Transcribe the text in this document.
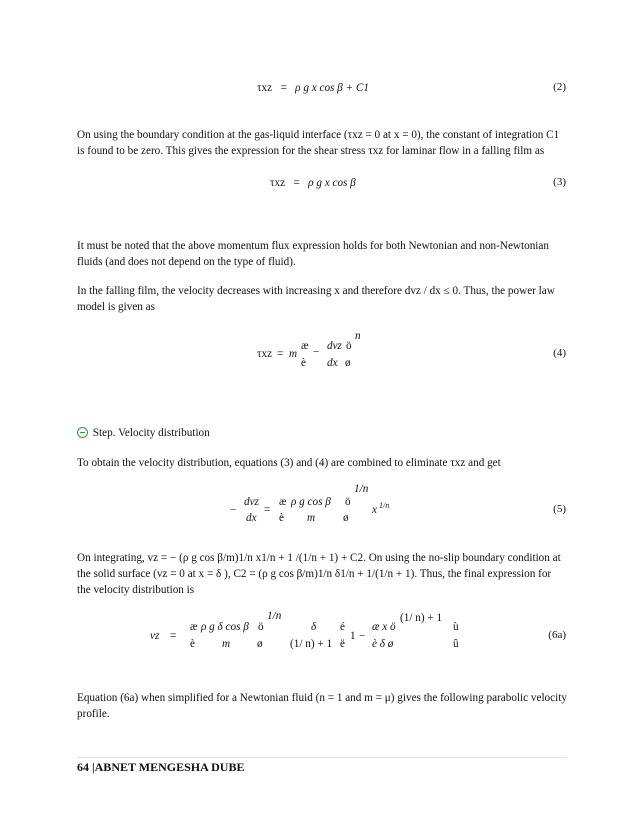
τxz = ρ g x cos β + C1	(2)
On using the boundary condition at the gas-liquid interface (τxz = 0 at x = 0), the constant of integration C1 is found to be zero. This gives the expression for the shear stress τxz for laminar flow in a falling film as
τxz = ρ g x cos β	(3)
It must be noted that the above momentum flux expression holds for both Newtonian and non-Newtonian fluids (and does not depend on the type of fluid).
In the falling film, the velocity decreases with increasing x and therefore dvz / dx ≤ 0. Thus, the power law model is given as
τxz = m
æ − dvz ö
n
è dx ø
(4)
Step. Velocity distribution
To obtain the velocity distribution, equations (3) and (4) are combined to eliminate τxz and get
−
dvz
dx
=
æ ρ g cos β ö
1/n
è m ø
x 1/n	(5)
On integrating, vz = − (ρ g cos β/m)1/n x1/n + 1 /(1/n + 1) + C2. On using the no-slip boundary condition at the solid surface (vz = 0 at x = δ ), C2 = (ρ g cos β/m)1/n δ1/n + 1/(1/n + 1). Thus, the final expression for the velocity distribution is
vz =
æ ρ g δ cos β ö
1/n
è m ø
δ
(1/ n) + 1
é
ë
1 −
æ x ö
è δ ø
(1/ n) + 1
ù
û
(6a)
Equation (6a) when simplified for a Newtonian fluid (n = 1 and m = μ) gives the following parabolic velocity profile.
64 |ABNET MENGESHA DUBE
